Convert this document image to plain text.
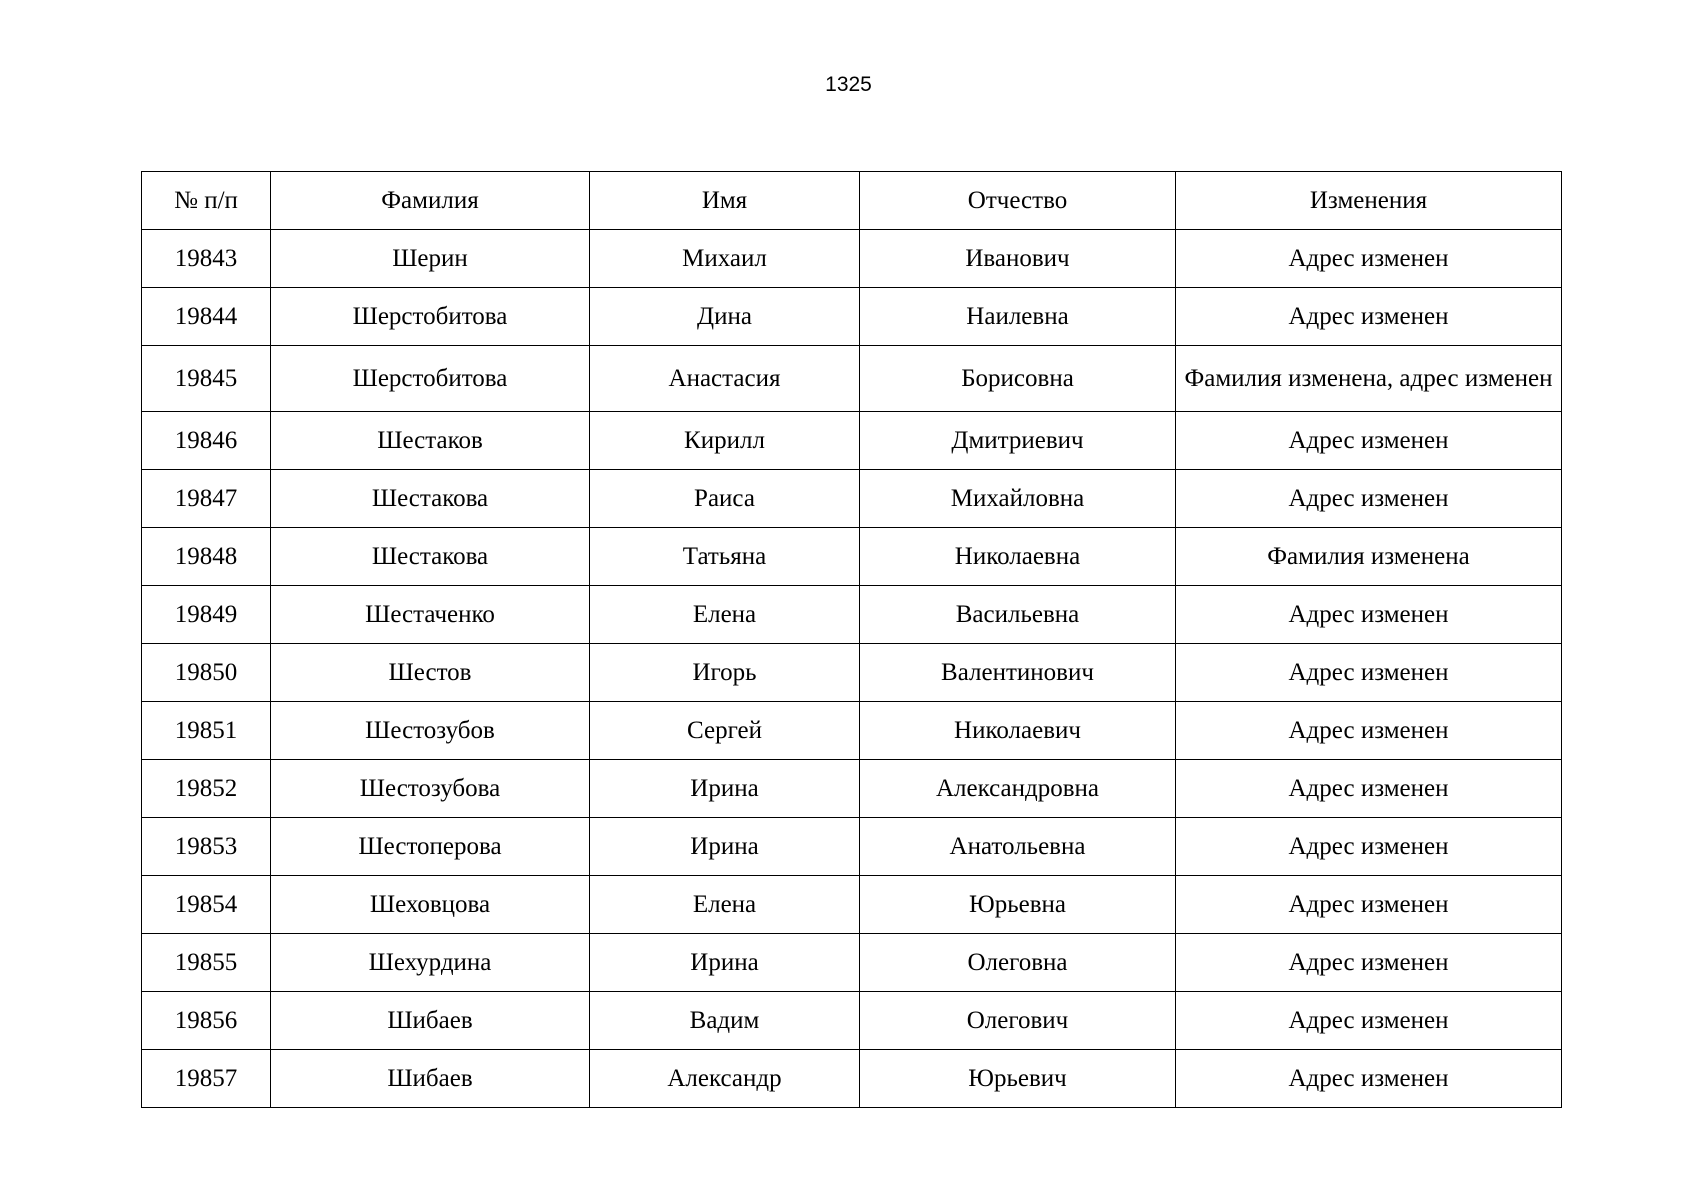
1325
№ п/п	Фамилия	Имя	Отчество	Изменения
19843	Шерин	Михаил	Иванович	Адрес изменен
19844	Шерстобитова	Дина	Наилевна	Адрес изменен
19845	Шерстобитова	Анастасия	Борисовна	Фамилия изменена, адрес изменен
19846	Шестаков	Кирилл	Дмитриевич	Адрес изменен
19847	Шестакова	Раиса	Михайловна	Адрес изменен
19848	Шестакова	Татьяна	Николаевна	Фамилия изменена
19849	Шестаченко	Елена	Васильевна	Адрес изменен
19850	Шестов	Игорь	Валентинович	Адрес изменен
19851	Шестозубов	Сергей	Николаевич	Адрес изменен
19852	Шестозубова	Ирина	Александровна	Адрес изменен
19853	Шестоперова	Ирина	Анатольевна	Адрес изменен
19854	Шеховцова	Елена	Юрьевна	Адрес изменен
19855	Шехурдина	Ирина	Олеговна	Адрес изменен
19856	Шибаев	Вадим	Олегович	Адрес изменен
19857	Шибаев	Александр	Юрьевич	Адрес изменен
